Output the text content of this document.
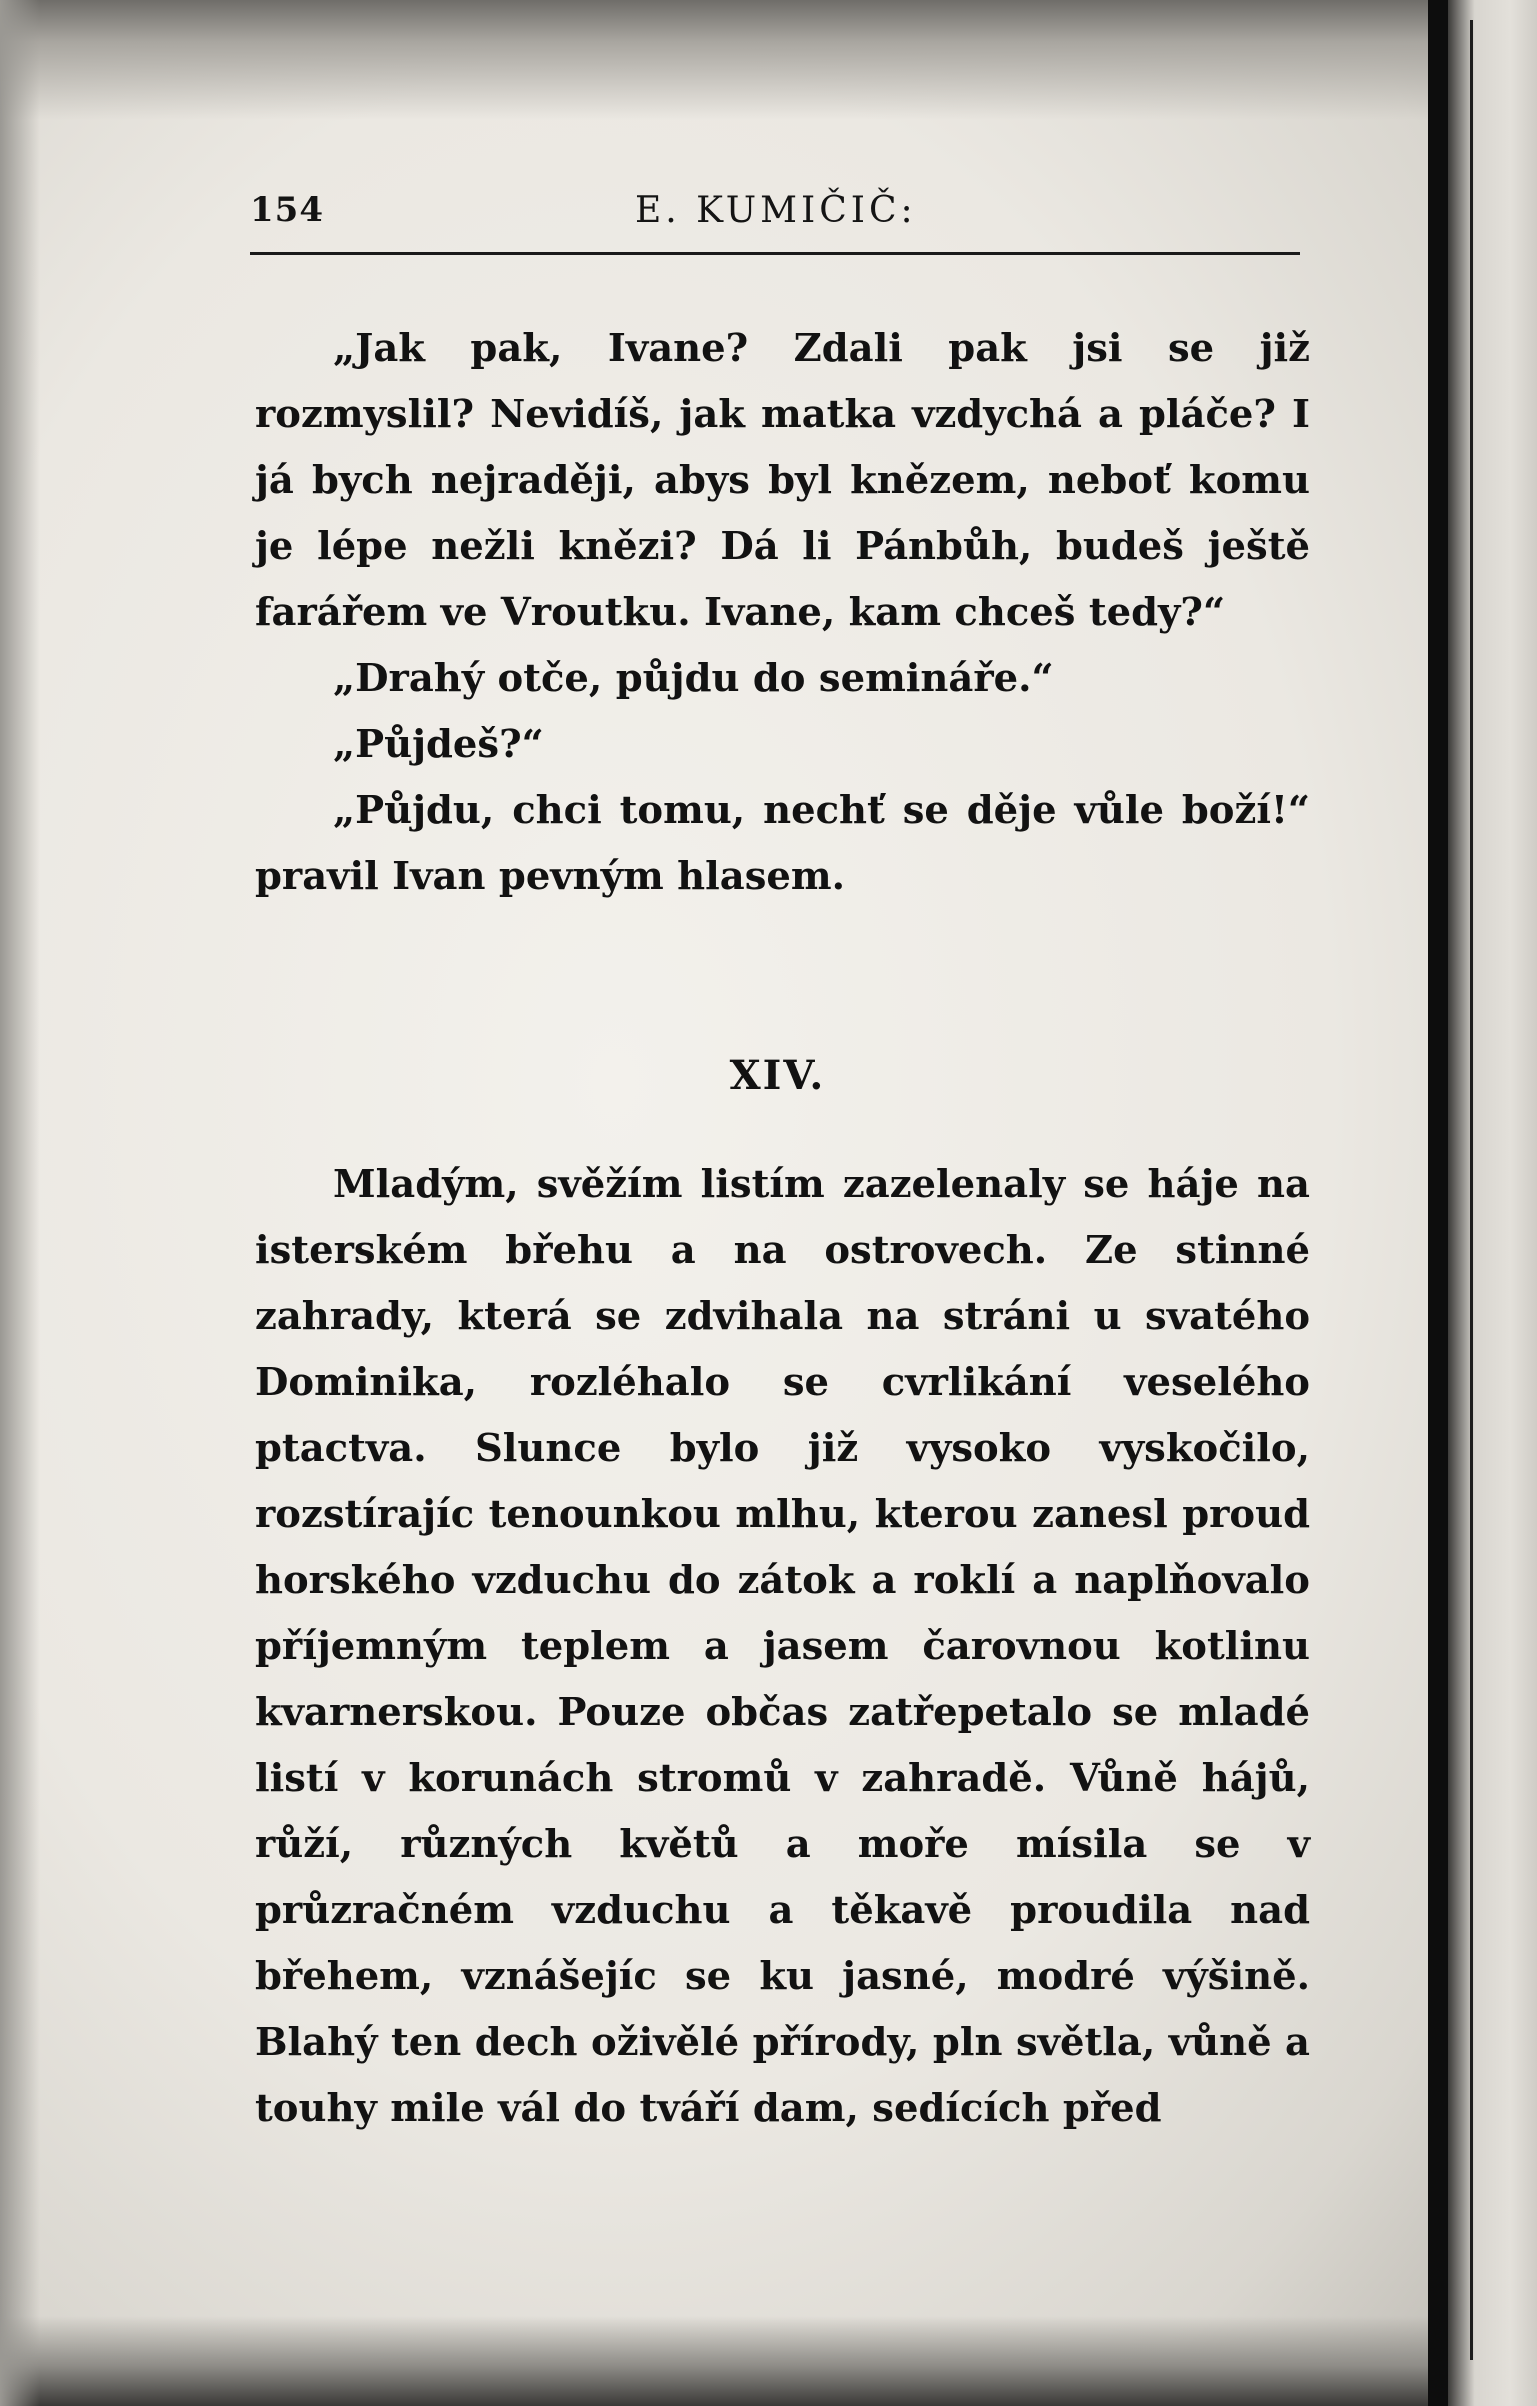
154	E. KUMIČIČ:

„Jak pak, Ivane? Zdali pak jsi se již rozmyslil? Nevidíš, jak matka vzdychá a pláče? I já bych nejraději, abys byl knězem, neboť komu je lépe nežli knězi? Dá li Pánbůh, budeš ještě farářem ve Vroutku. Ivane, kam chceš tedy?“

„Drahý otče, půjdu do semináře.“

„Půjdeš?“

„Půjdu, chci tomu, nechť se děje vůle boží!“ pravil Ivan pevným hlasem.

XIV.

Mladým, svěžím listím zazelenaly se háje na isterském břehu a na ostrovech. Ze stinné zahrady, která se zdvihala na stráni u svatého Dominika, rozléhalo se cvrlikání veselého ptactva. Slunce bylo již vysoko vyskočilo, rozstírajíc tenounkou mlhu, kterou zanesl proud horského vzduchu do zátok a roklí a naplňovalo příjemným teplem a jasem čarovnou kotlinu kvarnerskou. Pouze občas zatřepetalo se mladé listí v korunách stromů v zahradě. Vůně hájů, růží, různých květů a moře mísila se v průzračném vzduchu a těkavě proudila nad břehem, vznášejíc se ku jasné, modré výšině. Blahý ten dech oživělé přírody, pln světla, vůně a touhy mile vál do tváří dam, sedících před
